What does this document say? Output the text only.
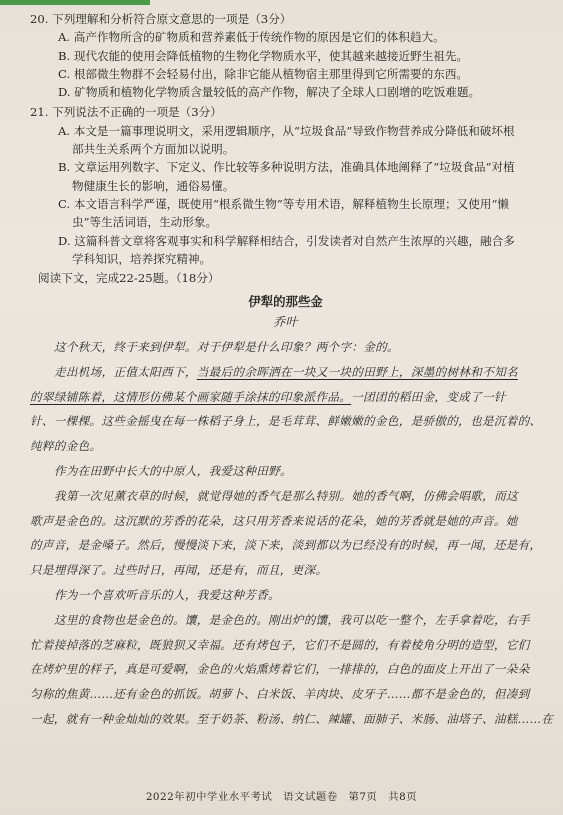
20. 下列理解和分析符合原文意思的一项是（3分）

A. 高产作物所含的矿物质和营养素低于传统作物的原因是它们的体积趋大。

B. 现代农能的使用会降低植物的生物化学物质水平，使其越来越接近野生祖先。

C. 根部微生物群不会轻易付出，除非它能从植物宿主那里得到它所需要的东西。

D. 矿物质和植物化学物质含量较低的高产作物，解决了全球人口剧增的吃饭难题。

21. 下列说法不正确的一项是（3分）

A. 本文是一篇事理说明文，采用逻辑顺序，从“垃圾食品”导致作物营养成分降低和破坏根

部共生关系两个方面加以说明。

B. 文章运用列数字、下定义、作比较等多种说明方法，准确具体地阐释了“垃圾食品”对植

物健康生长的影响，通俗易懂。

C. 本文语言科学严谨，既使用“根系微生物”等专用术语，解释植物生长原理；又使用“懒

虫”等生活词语，生动形象。

D. 这篇科普文章将客观事实和科学解释相结合，引发读者对自然产生浓厚的兴趣，融合多

学科知识，培养探究精神。

阅读下文，完成22-25题。（18分）

伊犁的那些金
乔叶

这个秋天，终于来到伊犁。对于伊犁是什么印象？两个字：金的。

走出机场，正值太阳西下，当最后的余晖洒在一块又一块的田野上，深墨的树林和不知名

的翠绿铺陈着，这情形仿佛某个画家随手涂抹的印象派作品。一团团的稻田金，变成了一针

针、一棵棵。这些金摇曳在每一株稻子身上，是毛茸茸、鲜嫩嫩的金色，是骄傲的，也是沉着的、

纯粹的金色。

作为在田野中长大的中原人，我爱这种田野。

我第一次见薰衣草的时候，就觉得她的香气是那么特别。她的香气啊，仿佛会唱歌，而这

歌声是金色的。这沉默的芳香的花朵，这只用芳香来说话的花朵，她的芳香就是她的声音。她

的声音，是金嗓子。然后，慢慢淡下来，淡下来，淡到都以为已经没有的时候，再一闻，还是有，

只是埋得深了。过些时日，再闻，还是有，而且，更深。

作为一个喜欢听音乐的人，我爱这种芳香。

这里的食物也是金色的。馕，是金色的。刚出炉的馕，我可以吃一整个，左手拿着吃，右手

忙着接掉落的芝麻粒，既狼狈又幸福。还有烤包子，它们不是圆的，有着棱角分明的造型，它们

在烤炉里的样子，真是可爱啊，金色的火焰熏烤着它们，一排排的，白色的面皮上开出了一朵朵

匀称的焦黄……还有金色的抓饭。胡萝卜、白米饭、羊肉块、皮牙子……都不是金色的，但凑到

一起，就有一种金灿灿的效果。至于奶茶、粉汤、纳仁、辣罐、面肺子、米肠、油塔子、油糕……在

2022年初中学业水平考试　语文试题卷　第7页　共8页
